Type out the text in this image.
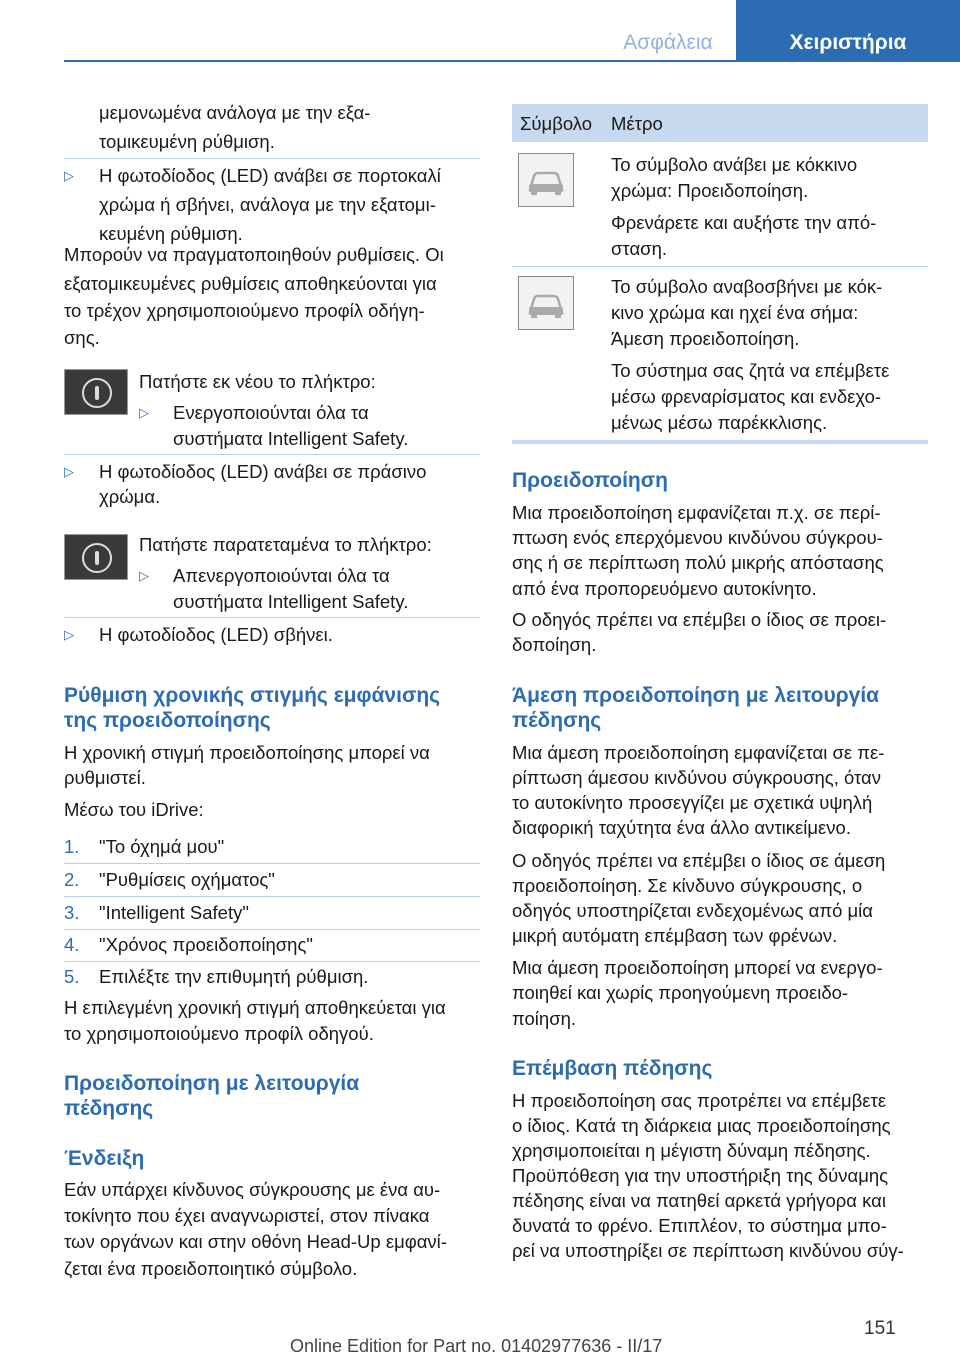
Ασφάλεια	Χειριστήρια
μεμονωμένα ανάλογα με την εξα‐
τομικευμένη ρύθμιση.
▷ Η φωτοδίοδος (LED) ανάβει σε πορτοκαλί
χρώμα ή σβήνει, ανάλογα με την εξατομι‐
κευμένη ρύθμιση.
Μπορούν να πραγματοποιηθούν ρυθμίσεις. Οι
εξατομικευμένες ρυθμίσεις αποθηκεύονται για
το τρέχον χρησιμοποιούμενο προφίλ οδήγη‐
σης.
Πατήστε εκ νέου το πλήκτρο:
▷ Ενεργοποιούνται όλα τα
συστήματα Intelligent Safety.
▷ Η φωτοδίοδος (LED) ανάβει σε πράσινο
χρώμα.
Πατήστε παρατεταμένα το πλήκτρο:
▷ Απενεργοποιούνται όλα τα
συστήματα Intelligent Safety.
▷ Η φωτοδίοδος (LED) σβήνει.
Ρύθμιση χρονικής στιγμής εμφάνισης
της προειδοποίησης
Η χρονική στιγμή προειδοποίησης μπορεί να
ρυθμιστεί.
Μέσω του iDrive:
1. "Το όχημά μου"
2. "Ρυθμίσεις οχήματος"
3. "Intelligent Safety"
4. "Χρόνος προειδοποίησης"
5. Επιλέξτε την επιθυμητή ρύθμιση.
Η επιλεγμένη χρονική στιγμή αποθηκεύεται για
το χρησιμοποιούμενο προφίλ οδηγού.
Προειδοποίηση με λειτουργία
πέδησης
Ένδειξη
Εάν υπάρχει κίνδυνος σύγκρουσης με ένα αυ‐
τοκίνητο που έχει αναγνωριστεί, στον πίνακα
των οργάνων και στην οθόνη Head-Up εμφανί‐
ζεται ένα προειδοποιητικό σύμβολο.
Σύμβολο Μέτρο
Το σύμβολο ανάβει με κόκκινο
χρώμα: Προειδοποίηση.
Φρενάρετε και αυξήστε την από‐
σταση.
Το σύμβολο αναβοσβήνει με κόκ‐
κινο χρώμα και ηχεί ένα σήμα:
Άμεση προειδοποίηση.
Το σύστημα σας ζητά να επέμβετε
μέσω φρεναρίσματος και ενδεχο‐
μένως μέσω παρέκκλισης.
Προειδοποίηση
Μια προειδοποίηση εμφανίζεται π.χ. σε περί‐
πτωση ενός επερχόμενου κινδύνου σύγκρου‐
σης ή σε περίπτωση πολύ μικρής απόστασης
από ένα προπορευόμενο αυτοκίνητο.
Ο οδηγός πρέπει να επέμβει ο ίδιος σε προει‐
δοποίηση.
Άμεση προειδοποίηση με λειτουργία
πέδησης
Μια άμεση προειδοποίηση εμφανίζεται σε πε‐
ρίπτωση άμεσου κινδύνου σύγκρουσης, όταν
το αυτοκίνητο προσεγγίζει με σχετικά υψηλή
διαφορική ταχύτητα ένα άλλο αντικείμενο.
Ο οδηγός πρέπει να επέμβει ο ίδιος σε άμεση
προειδοποίηση. Σε κίνδυνο σύγκρουσης, ο
οδηγός υποστηρίζεται ενδεχομένως από μία
μικρή αυτόματη επέμβαση των φρένων.
Μια άμεση προειδοποίηση μπορεί να ενεργο‐
ποιηθεί και χωρίς προηγούμενη προειδο‐
ποίηση.
Επέμβαση πέδησης
Η προειδοποίηση σας προτρέπει να επέμβετε
ο ίδιος. Κατά τη διάρκεια μιας προειδοποίησης
χρησιμοποιείται η μέγιστη δύναμη πέδησης.
Προϋπόθεση για την υποστήριξη της δύναμης
πέδησης είναι να πατηθεί αρκετά γρήγορα και
δυνατά το φρένο. Επιπλέον, το σύστημα μπο‐
ρεί να υποστηρίξει σε περίπτωση κινδύνου σύγ‐
151
Online Edition for Part no. 01402977636 - II/17
